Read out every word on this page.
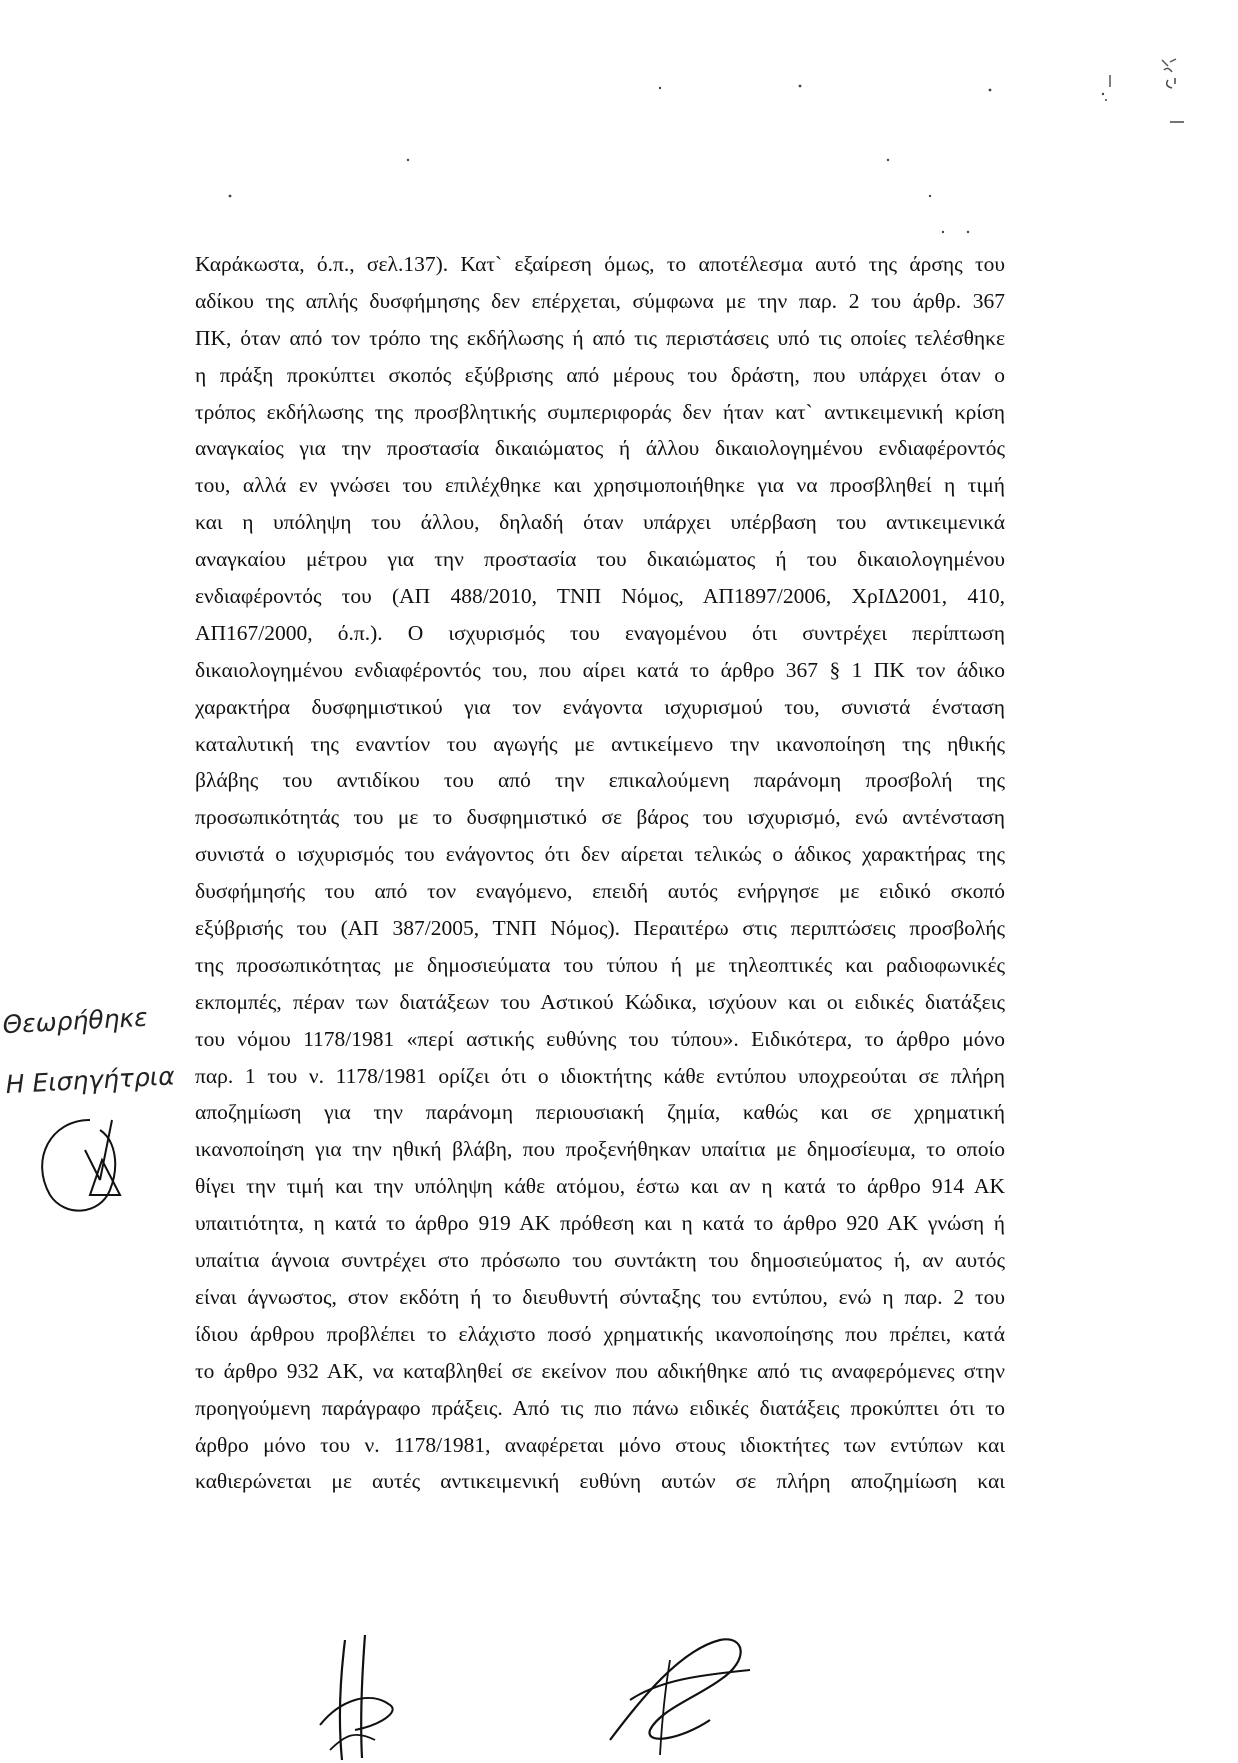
Καράκωστα, ό.π., σελ.137). Κατ` εξαίρεση όμως, το αποτέλεσμα αυτό της άρσης του
αδίκου της απλής δυσφήμησης δεν επέρχεται, σύμφωνα με την παρ. 2 του άρθρ. 367
ΠΚ, όταν από τον τρόπο της εκδήλωσης ή από τις περιστάσεις υπό τις οποίες τελέσθηκε
η πράξη προκύπτει σκοπός εξύβρισης από μέρους του δράστη, που υπάρχει όταν ο
τρόπος εκδήλωσης της προσβλητικής συμπεριφοράς δεν ήταν κατ` αντικειμενική κρίση
αναγκαίος για την προστασία δικαιώματος ή άλλου δικαιολογημένου ενδιαφέροντός
του, αλλά εν γνώσει του επιλέχθηκε και χρησιμοποιήθηκε για να προσβληθεί η τιμή
και η υπόληψη του άλλου, δηλαδή όταν υπάρχει υπέρβαση του αντικειμενικά
αναγκαίου μέτρου για την προστασία του δικαιώματος ή του δικαιολογημένου
ενδιαφέροντός του (ΑΠ 488/2010, ΤΝΠ Νόμος, ΑΠ1897/2006, ΧρΙΔ2001, 410,
ΑΠ167/2000, ό.π.). Ο ισχυρισμός του εναγομένου ότι συντρέχει περίπτωση
δικαιολογημένου ενδιαφέροντός του, που αίρει κατά το άρθρο 367 § 1 ΠΚ τον άδικο
χαρακτήρα δυσφημιστικού για τον ενάγοντα ισχυρισμού του, συνιστά ένσταση
καταλυτική της εναντίον του αγωγής με αντικείμενο την ικανοποίηση της ηθικής
βλάβης του αντιδίκου του από την επικαλούμενη παράνομη προσβολή της
προσωπικότητάς του με το δυσφημιστικό σε βάρος του ισχυρισμό, ενώ αντένσταση
συνιστά ο ισχυρισμός του ενάγοντος ότι δεν αίρεται τελικώς ο άδικος χαρακτήρας της
δυσφήμησής του από τον εναγόμενο, επειδή αυτός ενήργησε με ειδικό σκοπό
εξύβρισής του (ΑΠ 387/2005, ΤΝΠ Νόμος). Περαιτέρω στις περιπτώσεις προσβολής
της προσωπικότητας με δημοσιεύματα του τύπου ή με τηλεοπτικές και ραδιοφωνικές
εκπομπές, πέραν των διατάξεων του Αστικού Κώδικα, ισχύουν και οι ειδικές διατάξεις
του νόμου 1178/1981 «περί αστικής ευθύνης του τύπου». Ειδικότερα, το άρθρο μόνο
παρ. 1 του ν. 1178/1981 ορίζει ότι ο ιδιοκτήτης κάθε εντύπου υποχρεούται σε πλήρη
αποζημίωση για την παράνομη περιουσιακή ζημία, καθώς και σε χρηματική
ικανοποίηση για την ηθική βλάβη, που προξενήθηκαν υπαίτια με δημοσίευμα, το οποίο
θίγει την τιμή και την υπόληψη κάθε ατόμου, έστω και αν η κατά το άρθρο 914 ΑΚ
υπαιτιότητα, η κατά το άρθρο 919 ΑΚ πρόθεση και η κατά το άρθρο 920 ΑΚ γνώση ή
υπαίτια άγνοια συντρέχει στο πρόσωπο του συντάκτη του δημοσιεύματος ή, αν αυτός
είναι άγνωστος, στον εκδότη ή το διευθυντή σύνταξης του εντύπου, ενώ η παρ. 2 του
ίδιου άρθρου προβλέπει το ελάχιστο ποσό χρηματικής ικανοποίησης που πρέπει, κατά
το άρθρο 932 ΑΚ, να καταβληθεί σε εκείνον που αδικήθηκε από τις αναφερόμενες στην
προηγούμενη παράγραφο πράξεις. Από τις πιο πάνω ειδικές διατάξεις προκύπτει ότι το
άρθρο μόνο του ν. 1178/1981, αναφέρεται μόνο στους ιδιοκτήτες των εντύπων και
καθιερώνεται με αυτές αντικειμενική ευθύνη αυτών σε πλήρη αποζημίωση και
Θεωρήθηκε
Η Εισηγήτρια
